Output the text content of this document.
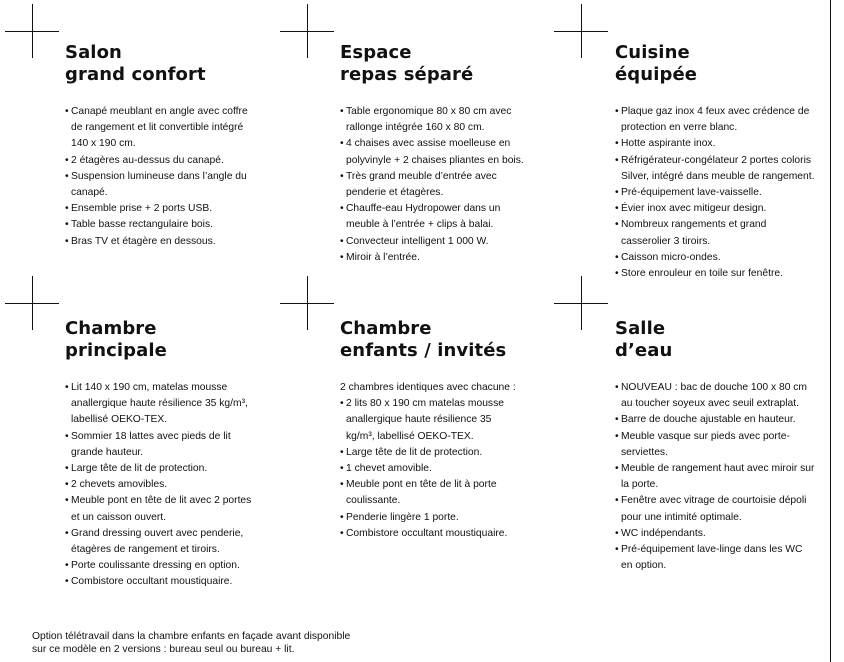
Salon
grand confort
• Canapé meublant en angle avec coffre de rangement et lit convertible intégré 140 x 190 cm.
• 2 étagères au-dessus du canapé.
• Suspension lumineuse dans l’angle du canapé.
• Ensemble prise + 2 ports USB.
• Table basse rectangulaire bois.
• Bras TV et étagère en dessous.
Espace
repas séparé
• Table ergonomique 80 x 80 cm avec rallonge intégrée 160 x 80 cm.
• 4 chaises avec assise moelleuse en polyvinyle + 2 chaises pliantes en bois.
• Très grand meuble d’entrée avec penderie et étagères.
• Chauffe-eau Hydropower dans un meuble à l’entrée + clips à balai.
• Convecteur intelligent 1 000 W.
• Miroir à l’entrée.
Cuisine
équipée
• Plaque gaz inox 4 feux avec crédence de protection en verre blanc.
• Hotte aspirante inox.
• Réfrigérateur-congélateur 2 portes coloris Silver, intégré dans meuble de rangement.
• Pré-équipement lave-vaisselle.
• Évier inox avec mitigeur design.
• Nombreux rangements et grand casserolier 3 tiroirs.
• Caisson micro-ondes.
• Store enrouleur en toile sur fenêtre.
Chambre
principale
• Lit 140 x 190 cm, matelas mousse anallergique haute résilience 35 kg/m³, labellisé OEKO-TEX.
• Sommier 18 lattes avec pieds de lit grande hauteur.
• Large tête de lit de protection.
• 2 chevets amovibles.
• Meuble pont en tête de lit avec 2 portes et un caisson ouvert.
• Grand dressing ouvert avec penderie, étagères de rangement et tiroirs.
• Porte coulissante dressing en option.
• Combistore occultant moustiquaire.
Chambre
enfants / invités
2 chambres identiques avec chacune :
• 2 lits 80 x 190 cm matelas mousse anallergique haute résilience 35 kg/m³, labellisé OEKO-TEX.
• Large tête de lit de protection.
• 1 chevet amovible.
• Meuble pont en tête de lit à porte coulissante.
• Penderie lingère 1 porte.
• Combistore occultant moustiquaire.
Salle
d’eau
• NOUVEAU : bac de douche 100 x 80 cm au toucher soyeux avec seuil extraplat.
• Barre de douche ajustable en hauteur.
• Meuble vasque sur pieds avec porte-serviettes.
• Meuble de rangement haut avec miroir sur la porte.
• Fenêtre avec vitrage de courtoisie dépoli pour une intimité optimale.
• WC indépendants.
• Pré-équipement lave-linge dans les WC en option.
Option télétravail dans la chambre enfants en façade avant disponible
sur ce modèle en 2 versions : bureau seul ou bureau + lit.
